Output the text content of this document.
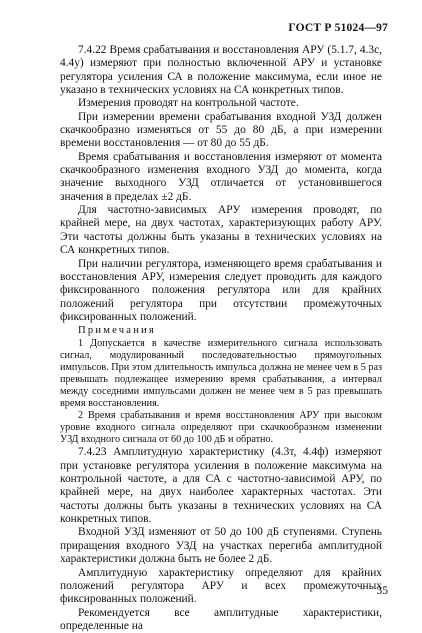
ГОСТ Р 51024—97

7.4.22 Время срабатывания и восстановления АРУ (5.1.7, 4.3с, 4.4у) измеряют при полностью включенной АРУ и установке регулятора усиления СА в положение максимума, если иное не указано в технических условиях на СА конкретных типов.

Измерения проводят на контрольной частоте.

При измерении времени срабатывания входной УЗД должен скачкообразно изменяться от 55 до 80 дБ, а при измерении времени восстановления — от 80 до 55 дБ.

Время срабатывания и восстановления измеряют от момента скачкообразного изменения входного УЗД до момента, когда значение выходного УЗД отличается от установившегося значения в пределах ±2 дБ.

Для частотно-зависимых АРУ измерения проводят, по крайней мере, на двух частотах, характеризующих работу АРУ. Эти частоты должны быть указаны в технических условиях на СА конкретных типов.

При наличии регулятора, изменяющего время срабатывания и восстановления АРУ, измерения следует проводить для каждого фиксированного положения регулятора или для крайних положений регулятора при отсутствии промежуточных фиксированных положений.

Примечания

1 Допускается в качестве измерительного сигнала использовать сигнал, модулированный последовательностью прямоугольных импульсов. При этом длительность импульса должна не менее чем в 5 раз превышать подлежащее измерению время срабатывания, а интервал между соседними импульсами должен не менее чем в 5 раз превышать время восстановления.

2 Время срабатывания и время восстановления АРУ при высоком уровне входного сигнала определяют при скачкообразном изменении УЗД входного сигнала от 60 до 100 дБ и обратно.

7.4.23 Амплитудную характеристику (4.3т, 4.4ф) измеряют при установке регулятора усиления в положение максимума на контрольной частоте, а для СА с частотно-зависимой АРУ, по крайней мере, на двух наиболее характерных частотах. Эти частоты должны быть указаны в технических условиях на СА конкретных типов.

Входной УЗД изменяют от 50 до 100 дБ ступенями. Ступень приращения входного УЗД на участках перегиба амплитудной характеристики должна быть не более 2 дБ.

Амплитудную характеристику определяют для крайних положений регулятора АРУ и всех промежуточных фиксированных положений.

Рекомендуется все амплитудные характеристики, определенные на

35
